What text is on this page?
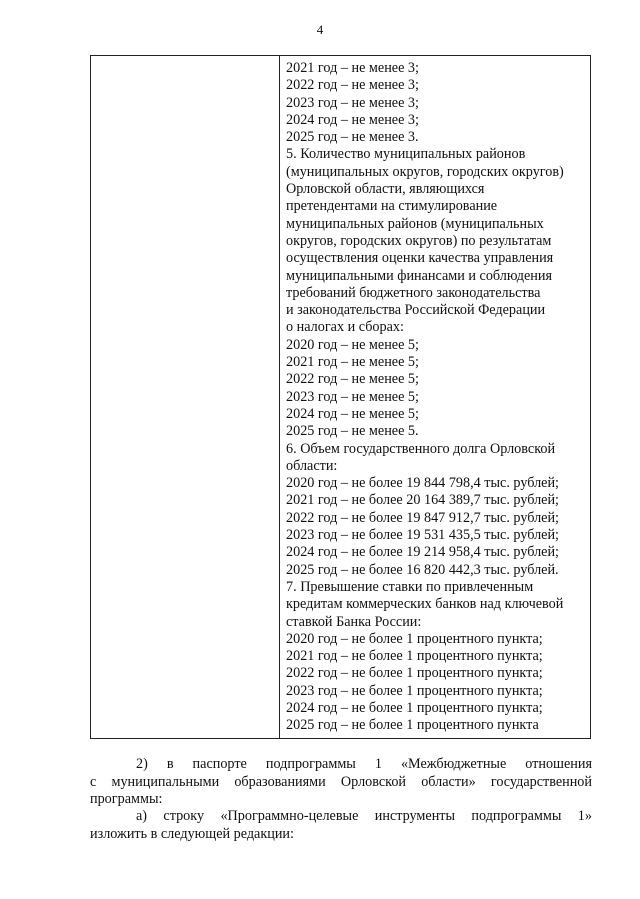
4
2021 год – не менее 3;
2022 год – не менее 3;
2023 год – не менее 3;
2024 год – не менее 3;
2025 год – не менее 3.
5. Количество муниципальных районов
(муниципальных округов, городских округов)
Орловской области, являющихся
претендентами на стимулирование
муниципальных районов (муниципальных
округов, городских округов) по результатам
осуществления оценки качества управления
муниципальными финансами и соблюдения
требований бюджетного законодательства
и законодательства Российской Федерации
о налогах и сборах:
2020 год – не менее 5;
2021 год – не менее 5;
2022 год – не менее 5;
2023 год – не менее 5;
2024 год – не менее 5;
2025 год – не менее 5.
6. Объем государственного долга Орловской
области:
2020 год – не более 19 844 798,4 тыс. рублей;
2021 год – не более 20 164 389,7 тыс. рублей;
2022 год – не более 19 847 912,7 тыс. рублей;
2023 год – не более 19 531 435,5 тыс. рублей;
2024 год – не более 19 214 958,4 тыс. рублей;
2025 год – не более 16 820 442,3 тыс. рублей.
7. Превышение ставки по привлеченным
кредитам коммерческих банков над ключевой
ставкой Банка России:
2020 год – не более 1 процентного пункта;
2021 год – не более 1 процентного пункта;
2022 год – не более 1 процентного пункта;
2023 год – не более 1 процентного пункта;
2024 год – не более 1 процентного пункта;
2025 год – не более 1 процентного пункта
2) в паспорте подпрограммы 1 «Межбюджетные отношения
с муниципальными образованиями Орловской области» государственной
программы:
а) строку «Программно-целевые инструменты подпрограммы 1»
изложить в следующей редакции:
